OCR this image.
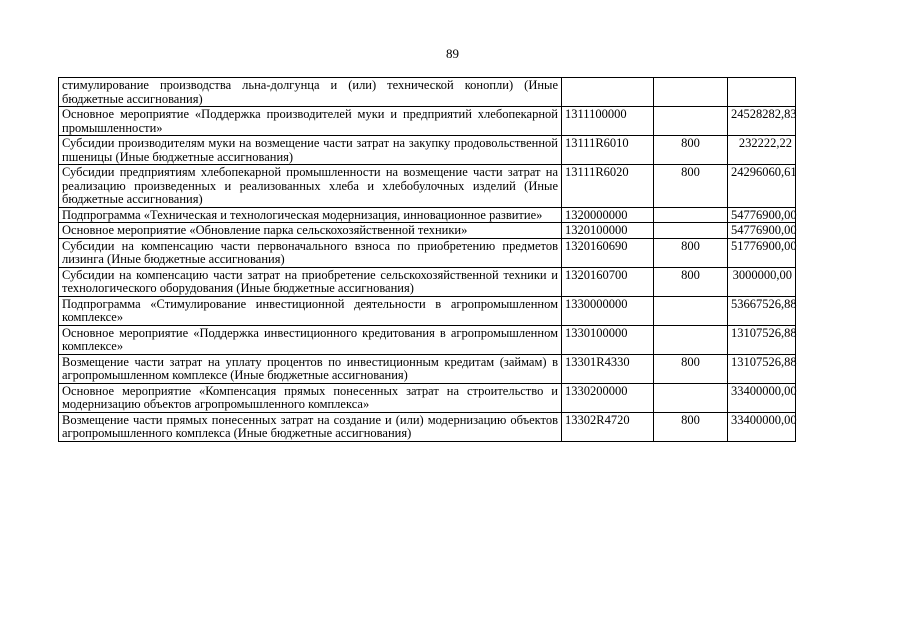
89
стимулирование производства льна-долгунца и (или) технической конопли) (Иные бюджетные ассигнования)			
Основное мероприятие «Поддержка производителей муки и предприятий хлебопекарной промышленности»	1311100000		24528282,83
Субсидии производителям муки на возмещение части затрат на закупку продовольственной пшеницы (Иные бюджетные ассигнования)	13111R6010	800	232222,22
Субсидии предприятиям хлебопекарной промышленности на возмещение части затрат на реализацию произведенных и реализованных хлеба и хлебобулочных изделий (Иные бюджетные ассигнования)	13111R6020	800	24296060,61
Подпрограмма «Техническая и технологическая модернизация, инновационное развитие»	1320000000		54776900,00
Основное мероприятие «Обновление парка сельскохозяйственной техники»	1320100000		54776900,00
Субсидии на компенсацию части первоначального взноса по приобретению предметов лизинга (Иные бюджетные ассигнования)	1320160690	800	51776900,00
Субсидии на компенсацию части затрат на приобретение сельскохозяйственной техники и технологического оборудования (Иные бюджетные ассигнования)	1320160700	800	3000000,00
Подпрограмма «Стимулирование инвестиционной деятельности в агропромышленном комплексе»	1330000000		53667526,88
Основное мероприятие «Поддержка инвестиционного кредитования в агропромышленном комплексе»	1330100000		13107526,88
Возмещение части затрат на уплату процентов по инвестиционным кредитам (займам) в агропромышленном комплексе (Иные бюджетные ассигнования)	13301R4330	800	13107526,88
Основное мероприятие «Компенсация прямых понесенных затрат на строительство и модернизацию объектов агропромышленного комплекса»	1330200000		33400000,00
Возмещение части прямых понесенных затрат на создание и (или) модернизацию объектов агропромышленного комплекса (Иные бюджетные ассигнования)	13302R4720	800	33400000,00
